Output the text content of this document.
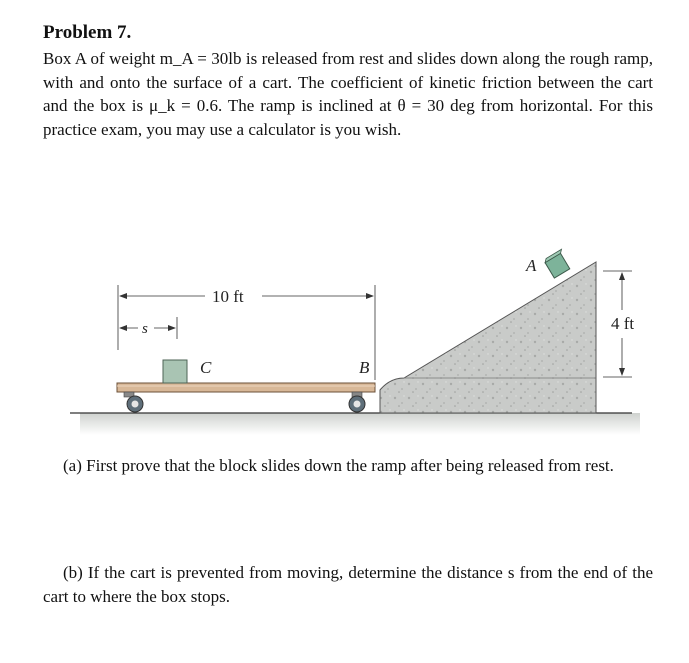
Problem 7.
Box A of weight m_A = 30lb is released from rest and slides down along the rough ramp, with and onto the surface of a cart. The coefficient of kinetic friction between the cart and the box is μ_k = 0.6. The ramp is inclined at θ = 30 deg from horizontal. For this practice exam, you may use a calculator is you wish.
A
C	B
10 ft
s	4 ft
(a) First prove that the block slides down the ramp after being released from rest.
(b) If the cart is prevented from moving, determine the distance s from the end of the cart to where the box stops.
